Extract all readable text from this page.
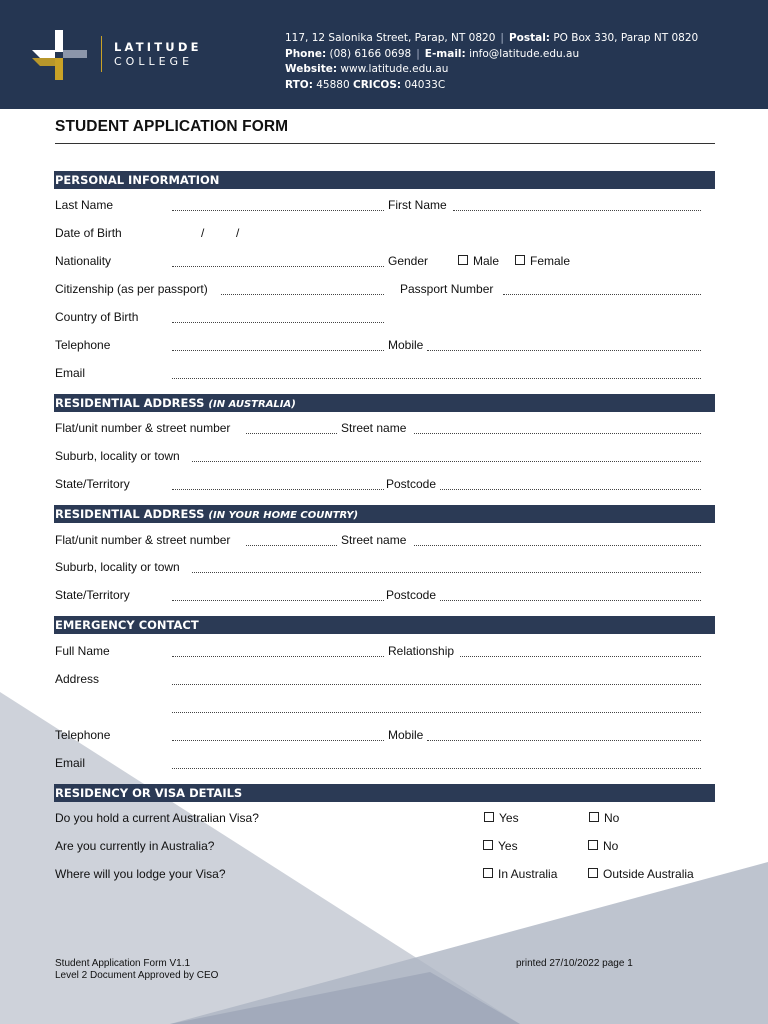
LATITUDE
COLLEGE
117, 12 Salonika Street, Parap, NT 0820 | Postal: PO Box 330, Parap NT 0820
Phone: (08) 6166 0698 | E-mail: info@latitude.edu.au
Website: www.latitude.edu.au
RTO: 45880 CRICOS: 04033C
STUDENT APPLICATION FORM
PERSONAL INFORMATION
Last Name	First Name
Date of Birth	/	/
Nationality	Gender	Male	Female
Citizenship (as per passport)	Passport Number
Country of Birth
Telephone	Mobile
Email
RESIDENTIAL ADDRESS (IN AUSTRALIA)
Flat/unit number & street number	Street name
Suburb, locality or town
State/Territory	Postcode
RESIDENTIAL ADDRESS (IN YOUR HOME COUNTRY)
Flat/unit number & street number	Street name
Suburb, locality or town
State/Territory	Postcode
EMERGENCY CONTACT
Full Name	Relationship
Address
Telephone	Mobile
Email
RESIDENCY OR VISA DETAILS
Do you hold a current Australian Visa?	Yes	No
Are you currently in Australia?	Yes	No
Where will you lodge your Visa?	In Australia	Outside Australia
Student Application Form V1.1
Level 2 Document Approved by CEO
printed 27/10/2022 page 1
